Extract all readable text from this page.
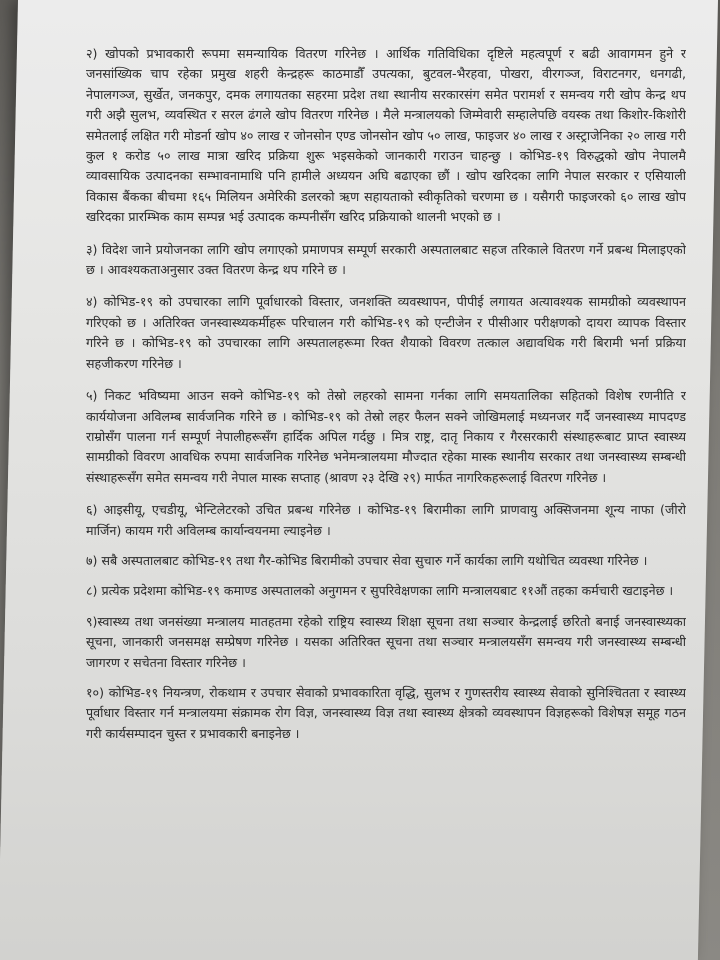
२) खोपको प्रभावकारी रूपमा समन्यायिक वितरण गरिनेछ । आर्थिक गतिविधिका दृष्टिले महत्वपूर्ण र बढी आवागमन हुने र जनसांख्यिक चाप रहेका प्रमुख शहरी केन्द्रहरू काठमाडौँ उपत्यका, बुटवल-भैरहवा, पोखरा, वीरगञ्ज, विराटनगर, धनगढी, नेपालगञ्ज, सुर्खेत, जनकपुर, दमक लगायतका सहरमा प्रदेश तथा स्थानीय सरकारसंग समेत परामर्श र समन्वय गरी खोप केन्द्र थप गरी अझै सुलभ, व्यवस्थित र सरल ढंगले खोप वितरण गरिनेछ । मैले मन्त्रालयको जिम्मेवारी सम्हालेपछि वयस्क तथा किशोर-किशोरी समेतलाई लक्षित गरी मोडर्ना खोप ४० लाख र जोनसोन एण्ड जोनसोन खोप ५० लाख, फाइजर ४० लाख र अस्ट्राजेनिका २० लाख गरी कुल १ करोड ५० लाख मात्रा खरिद प्रक्रिया शुरू भइसकेको जानकारी गराउन चाहन्छु । कोभिड-१९ विरुद्धको खोप नेपालमै व्यावसायिक उत्पादनका सम्भावनामाथि पनि हामीले अध्ययन अघि बढाएका छौं । खोप खरिदका लागि नेपाल सरकार र एसियाली विकास बैंकका बीचमा १६५ मिलियन अमेरिकी डलरको ऋण सहायताको स्वीकृतिको चरणमा छ । यसैगरी फाइजरको ६० लाख खोप खरिदका प्रारम्भिक काम सम्पन्न भई उत्पादक कम्पनीसँग खरिद प्रक्रियाको थालनी भएको छ ।

३) विदेश जाने प्रयोजनका लागि खोप लगाएको प्रमाणपत्र सम्पूर्ण सरकारी अस्पतालबाट सहज तरिकाले वितरण गर्ने प्रबन्ध मिलाइएको छ । आवश्यकताअनुसार उक्त वितरण केन्द्र थप गरिने छ ।

४) कोभिड-१९ को उपचारका लागि पूर्वाधारको विस्तार, जनशक्ति व्यवस्थापन, पीपीई लगायत अत्यावश्यक सामग्रीको व्यवस्थापन गरिएको छ । अतिरिक्त जनस्वास्थ्यकर्मीहरू परिचालन गरी कोभिड-१९ को एन्टीजेन र पीसीआर परीक्षणको दायरा व्यापक विस्तार गरिने छ । कोभिड-१९ को उपचारका लागि अस्पतालहरूमा रिक्त शैयाको विवरण तत्काल अद्यावधिक गरी बिरामी भर्ना प्रक्रिया सहजीकरण गरिनेछ ।

५) निकट भविष्यमा आउन सक्ने कोभिड-१९ को तेस्रो लहरको सामना गर्नका लागि समयतालिका सहितको विशेष रणनीति र कार्ययोजना अविलम्ब सार्वजनिक गरिने छ । कोभिड-१९ को तेस्रो लहर फैलन सक्ने जोखिमलाई मध्यनजर गर्दै जनस्वास्थ्य मापदण्ड राम्रोसँग पालना गर्न सम्पूर्ण नेपालीहरूसँग हार्दिक अपिल गर्दछु । मित्र राष्ट्र, दातृ निकाय र गैरसरकारी संस्थाहरूबाट प्राप्त स्वास्थ्य सामग्रीको विवरण आवधिक रुपमा सार्वजनिक गरिनेछ भनेमन्त्रालयमा मौज्दात रहेका मास्क स्थानीय सरकार तथा जनस्वास्थ्य सम्बन्धी संस्थाहरूसँग समेत समन्वय गरी नेपाल मास्क सप्ताह (श्रावण २३ देखि २९) मार्फत नागरिकहरूलाई वितरण गरिनेछ ।

६) आइसीयू, एचडीयू, भेन्टिलेटरको उचित प्रबन्ध गरिनेछ । कोभिड-१९ बिरामीका लागि प्राणवायु अक्सिजनमा शून्य नाफा (जीरो मार्जिन) कायम गरी अविलम्ब कार्यान्वयनमा ल्याइनेछ ।

७) सबै अस्पतालबाट कोभिड-१९ तथा गैर-कोभिड बिरामीको उपचार सेवा सुचारु गर्ने कार्यका लागि यथोचित व्यवस्था गरिनेछ ।

८) प्रत्येक प्रदेशमा कोभिड-१९ कमाण्ड अस्पतालको अनुगमन र सुपरिवेक्षणका लागि मन्त्रालयबाट ११औं तहका कर्मचारी खटाइनेछ ।

९)स्वास्थ्य तथा जनसंख्या मन्त्रालय मातहतमा रहेको राष्ट्रिय स्वास्थ्य शिक्षा सूचना तथा सञ्चार केन्द्रलाई छरितो बनाई जनस्वास्थ्यका सूचना, जानकारी जनसमक्ष सम्प्रेषण गरिनेछ । यसका अतिरिक्त सूचना तथा सञ्चार मन्त्रालयसँग समन्वय गरी जनस्वास्थ्य सम्बन्धी जागरण र सचेतना विस्तार गरिनेछ ।

१०) कोभिड-१९ नियन्त्रण, रोकथाम र उपचार सेवाको प्रभावकारिता वृद्धि, सुलभ र गुणस्तरीय स्वास्थ्य सेवाको सुनिश्चितता र स्वास्थ्य पूर्वाधार विस्तार गर्न मन्त्रालयमा संक्रामक रोग विज्ञ, जनस्वास्थ्य विज्ञ तथा स्वास्थ्य क्षेत्रको व्यवस्थापन विज्ञहरूको विशेषज्ञ समूह गठन गरी कार्यसम्पादन चुस्त र प्रभावकारी बनाइनेछ ।
